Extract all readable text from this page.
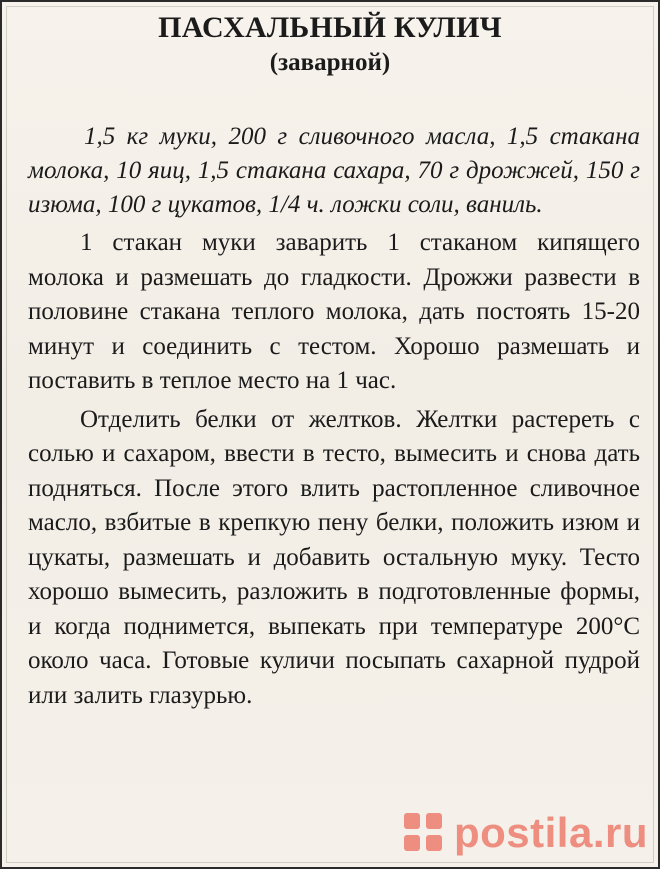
ПАСХАЛЬНЫЙ КУЛИЧ
(заварной)

1,5 кг муки, 200 г сливочного масла, 1,5 стакана молока, 10 яиц, 1,5 стакана сахара, 70 г дрожжей, 150 г изюма, 100 г цукатов, 1/4 ч. ложки соли, ваниль.

1 стакан муки заварить 1 стаканом кипящего молока и размешать до гладкости. Дрожжи развести в половине стакана теплого молока, дать постоять 15-20 минут и соединить с тестом. Хорошо размешать и поставить в теплое место на 1 час.

Отделить белки от желтков. Желтки растереть с солью и сахаром, ввести в тесто, вымесить и снова дать подняться. После этого влить растопленное сливочное масло, взбитые в крепкую пену белки, положить изюм и цукаты, размешать и добавить остальную муку. Тесто хорошо вымесить, разложить в подготовленные формы, и когда поднимется, выпекать при температуре 200°С около часа. Готовые куличи посыпать сахарной пудрой или залить глазурью.

postila.ru
